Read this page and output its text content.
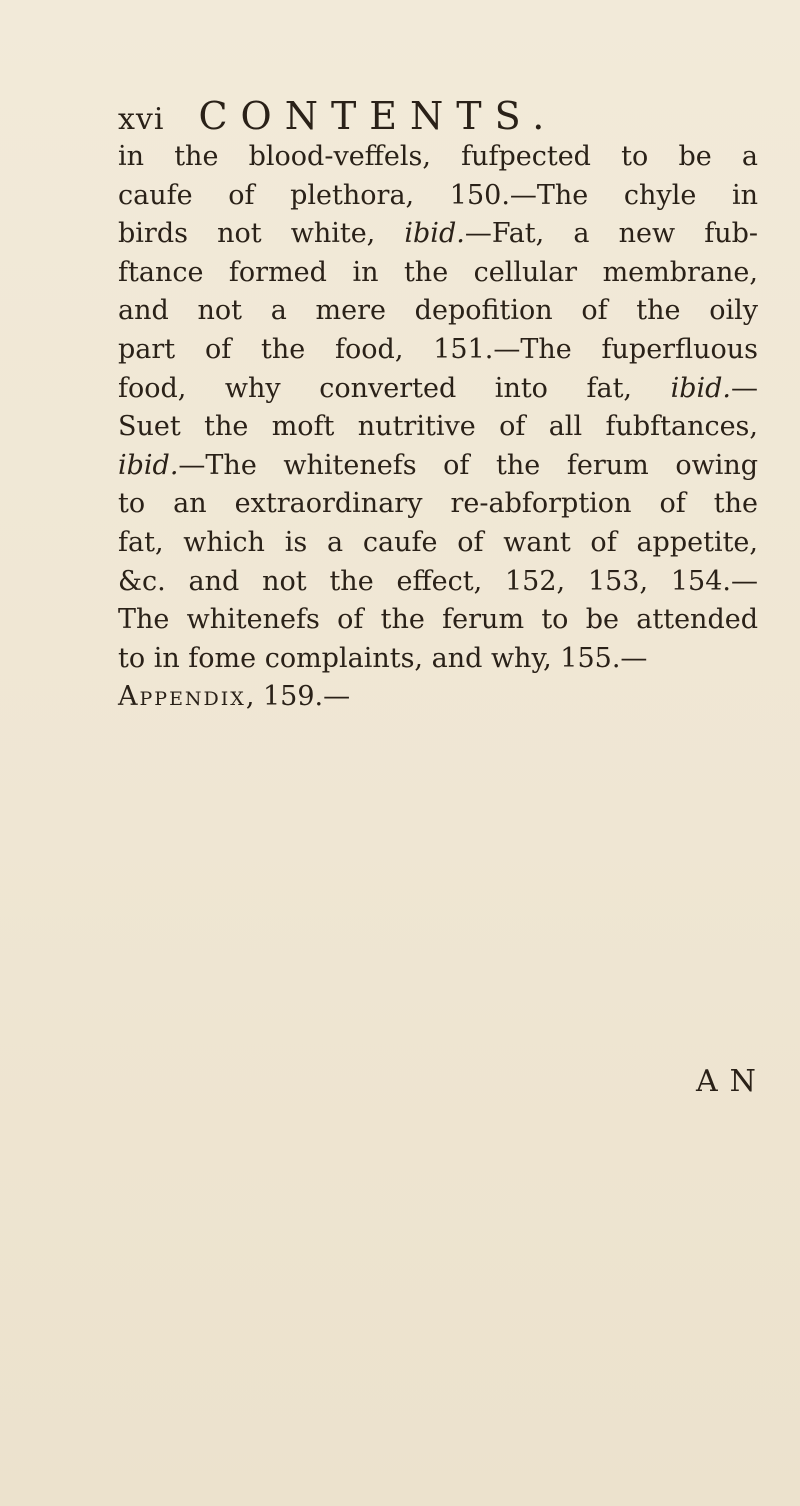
xvi CONTENTS.
in the blood-veffels, fufpected to be a
caufe of plethora, 150.—The chyle in
birds not white, ibid.—Fat, a new fub-
ftance formed in the cellular membrane,
and not a mere depofition of the oily
part of the food, 151.—The fuperfluous
food, why converted into fat, ibid.—
Suet the moft nutritive of all fubftances,
ibid.—The whitenefs of the ferum owing
to an extraordinary re-abforption of the
fat, which is a caufe of want of appetite,
&c. and not the effect, 152, 153, 154.—
The whitenefs of the ferum to be attended
to in fome complaints, and why, 155.—
Appendix, 159.—
AN
